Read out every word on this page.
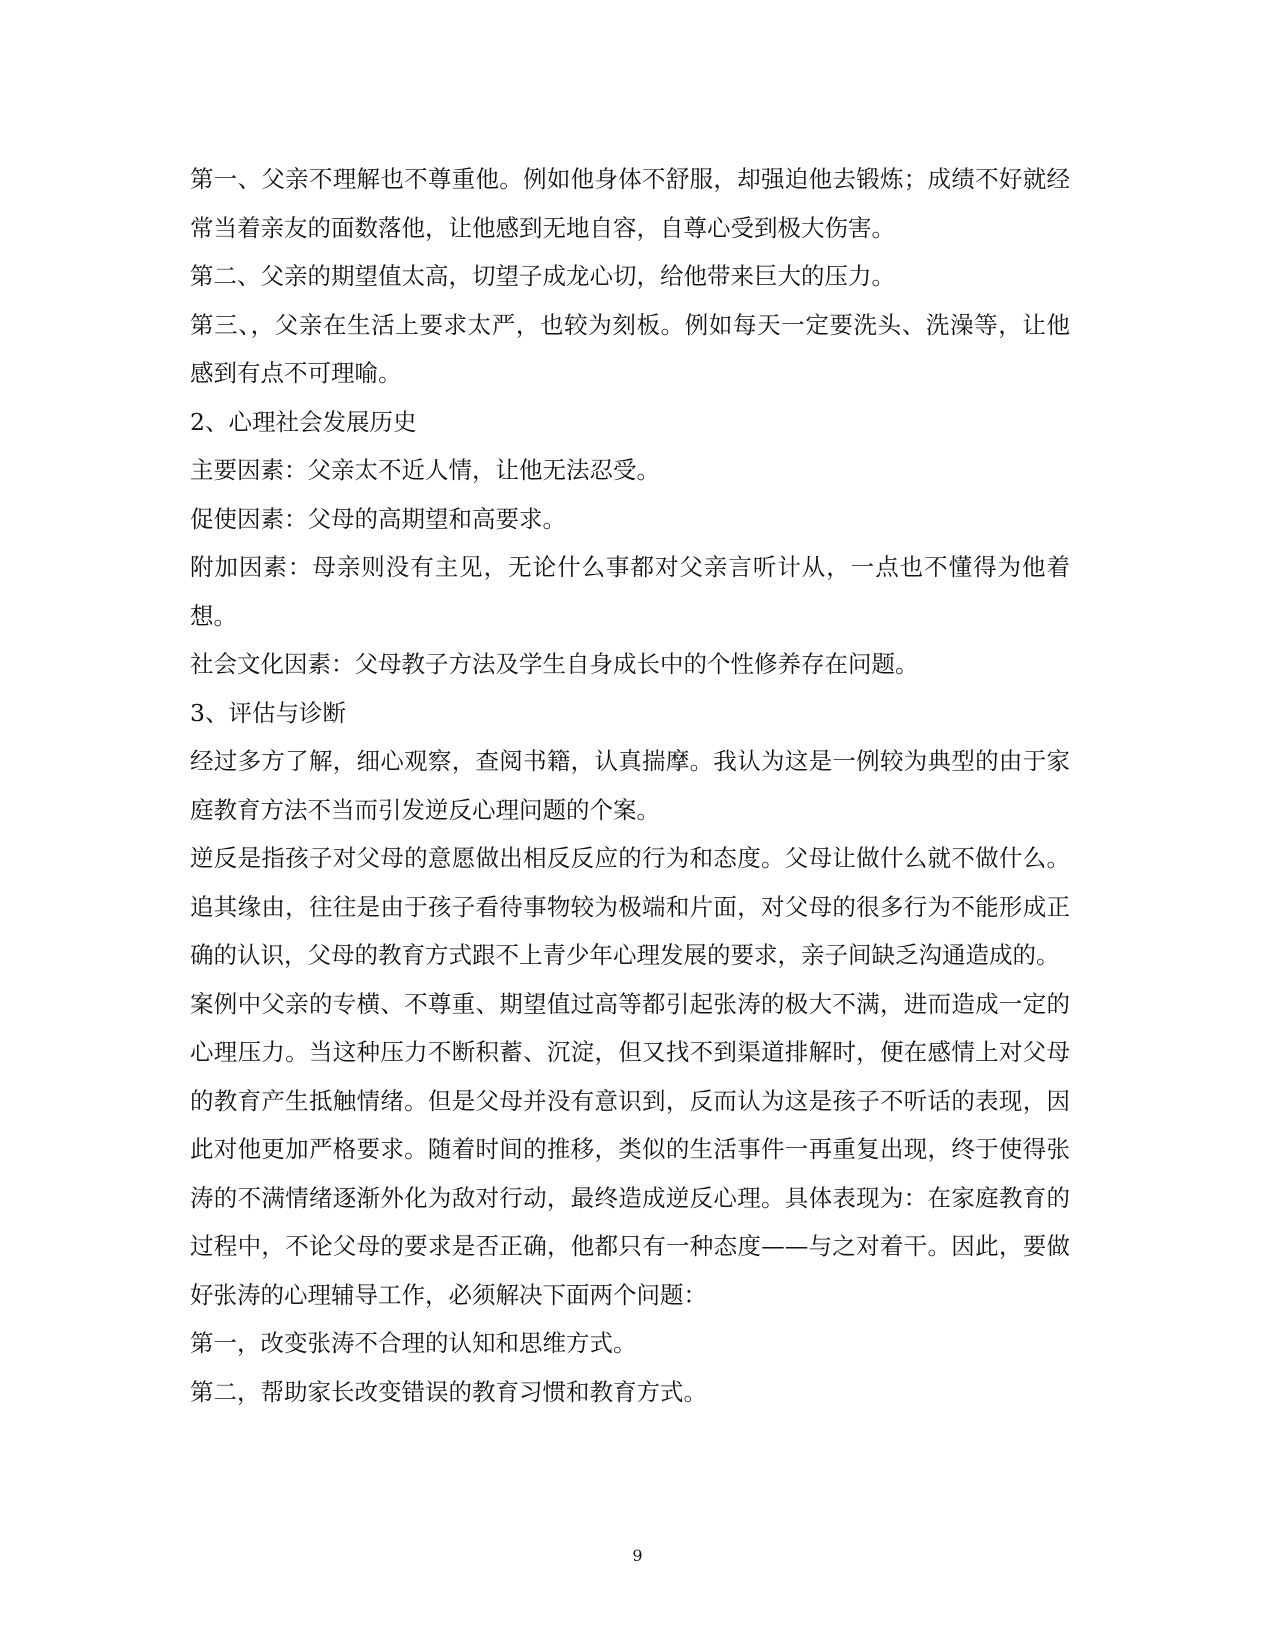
第一、父亲不理解也不尊重他。例如他身体不舒服，却强迫他去锻炼；成绩不好就经常当着亲友的面数落他，让他感到无地自容，自尊心受到极大伤害。

第二、父亲的期望值太高，切望子成龙心切，给他带来巨大的压力。

第三、，父亲在生活上要求太严，也较为刻板。例如每天一定要洗头、洗澡等，让他感到有点不可理喻。

2、心理社会发展历史

主要因素：父亲太不近人情，让他无法忍受。

促使因素：父母的高期望和高要求。

附加因素：母亲则没有主见，无论什么事都对父亲言听计从，一点也不懂得为他着想。

社会文化因素：父母教子方法及学生自身成长中的个性修养存在问题。

3、评估与诊断

经过多方了解，细心观察，查阅书籍，认真揣摩。我认为这是一例较为典型的由于家庭教育方法不当而引发逆反心理问题的个案。

逆反是指孩子对父母的意愿做出相反反应的行为和态度。父母让做什么就不做什么。追其缘由，往往是由于孩子看待事物较为极端和片面，对父母的很多行为不能形成正确的认识，父母的教育方式跟不上青少年心理发展的要求，亲子间缺乏沟通造成的。

案例中父亲的专横、不尊重、期望值过高等都引起张涛的极大不满，进而造成一定的心理压力。当这种压力不断积蓄、沉淀，但又找不到渠道排解时，便在感情上对父母的教育产生抵触情绪。但是父母并没有意识到，反而认为这是孩子不听话的表现，因此对他更加严格要求。随着时间的推移，类似的生活事件一再重复出现，终于使得张涛的不满情绪逐渐外化为敌对行动，最终造成逆反心理。具体表现为：在家庭教育的过程中，不论父母的要求是否正确，他都只有一种态度——与之对着干。因此，要做好张涛的心理辅导工作，必须解决下面两个问题：

第一，改变张涛不合理的认知和思维方式。

第二，帮助家长改变错误的教育习惯和教育方式。

9
